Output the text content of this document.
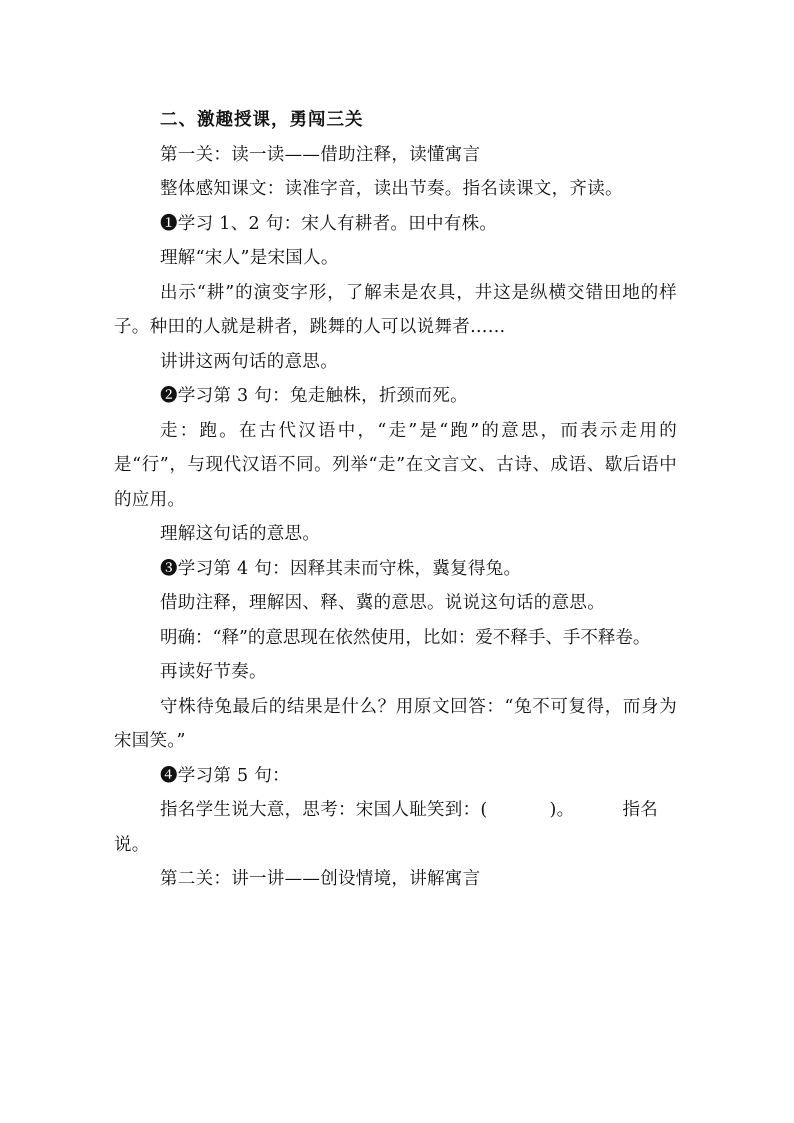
二、激趣授课，勇闯三关

第一关：读一读——借助注释，读懂寓言

整体感知课文：读准字音，读出节奏。指名读课文，齐读。

❶学习 1、2 句：宋人有耕者。田中有株。

理解“宋人”是宋国人。

出示“耕”的演变字形，了解耒是农具，井这是纵横交错田地的样子。种田的人就是耕者，跳舞的人可以说舞者……

讲讲这两句话的意思。

❷学习第 3 句：兔走触株，折颈而死。

走：跑。在古代汉语中，“走”是“跑”的意思，而表示走用的是“行”，与现代汉语不同。列举“走”在文言文、古诗、成语、歇后语中的应用。

理解这句话的意思。

❸学习第 4 句：因释其耒而守株，冀复得兔。

借助注释，理解因、释、冀的意思。说说这句话的意思。

明确：“释”的意思现在依然使用，比如：爱不释手、手不释卷。

再读好节奏。

守株待兔最后的结果是什么？用原文回答：“兔不可复得，而身为宋国笑。”

❹学习第 5 句：

指名学生说大意，思考：宋国人耻笑到：(	)。	指名说。

第二关：讲一讲——创设情境，讲解寓言
